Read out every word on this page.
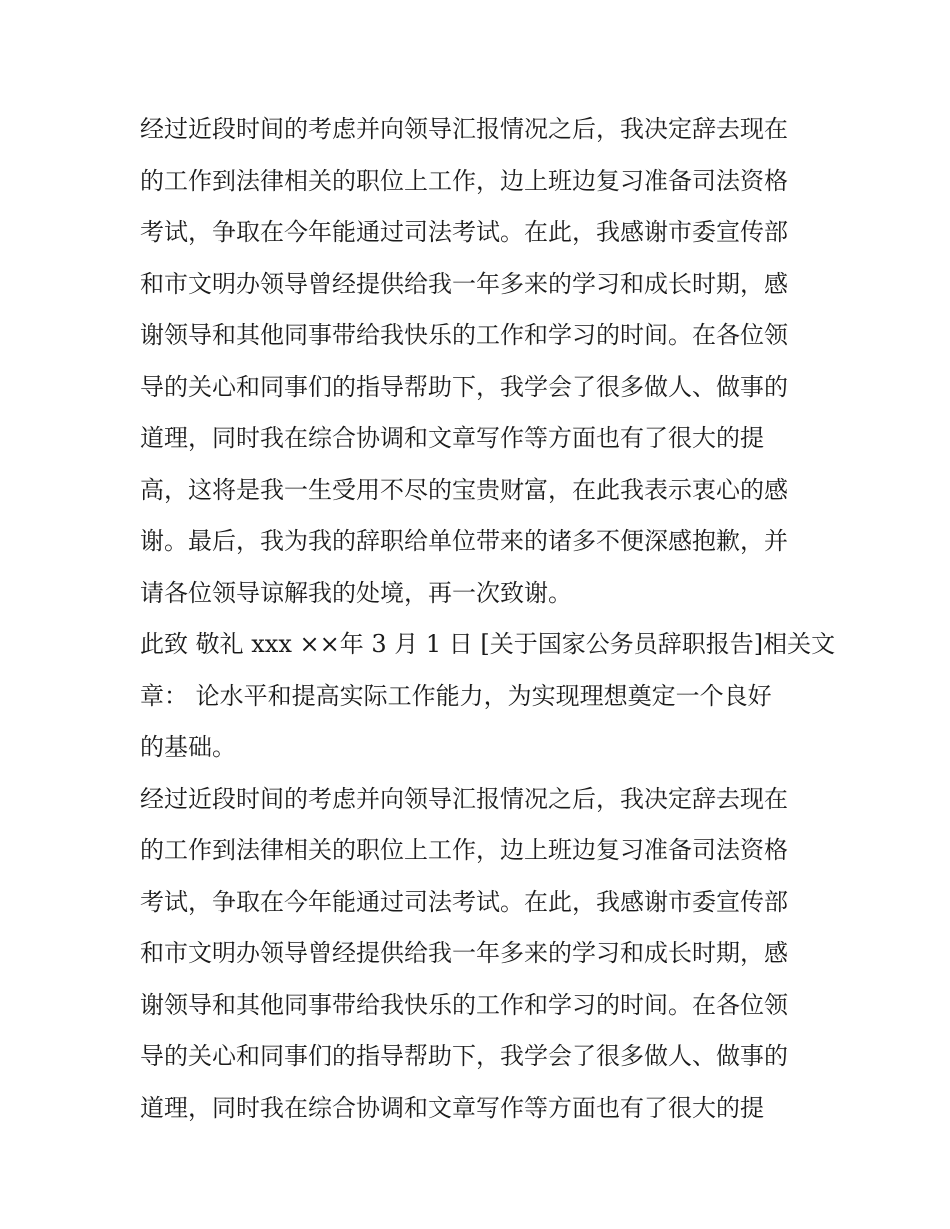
经过近段时间的考虑并向领导汇报情况之后，我决定辞去现在
的工作到法律相关的职位上工作，边上班边复习准备司法资格
考试，争取在今年能通过司法考试。在此，我感谢市委宣传部
和市文明办领导曾经提供给我一年多来的学习和成长时期，感
谢领导和其他同事带给我快乐的工作和学习的时间。在各位领
导的关心和同事们的指导帮助下，我学会了很多做人、做事的
道理，同时我在综合协调和文章写作等方面也有了很大的提
高，这将是我一生受用不尽的宝贵财富，在此我表示衷心的感
谢。最后，我为我的辞职给单位带来的诸多不便深感抱歉，并
请各位领导谅解我的处境，再一次致谢。
此致 敬礼 xxx ××年 3 月 1 日 [关于国家公务员辞职报告]相关文
章： 论水平和提高实际工作能力，为实现理想奠定一个良好
的基础。
经过近段时间的考虑并向领导汇报情况之后，我决定辞去现在
的工作到法律相关的职位上工作，边上班边复习准备司法资格
考试，争取在今年能通过司法考试。在此，我感谢市委宣传部
和市文明办领导曾经提供给我一年多来的学习和成长时期，感
谢领导和其他同事带给我快乐的工作和学习的时间。在各位领
导的关心和同事们的指导帮助下，我学会了很多做人、做事的
道理，同时我在综合协调和文章写作等方面也有了很大的提
